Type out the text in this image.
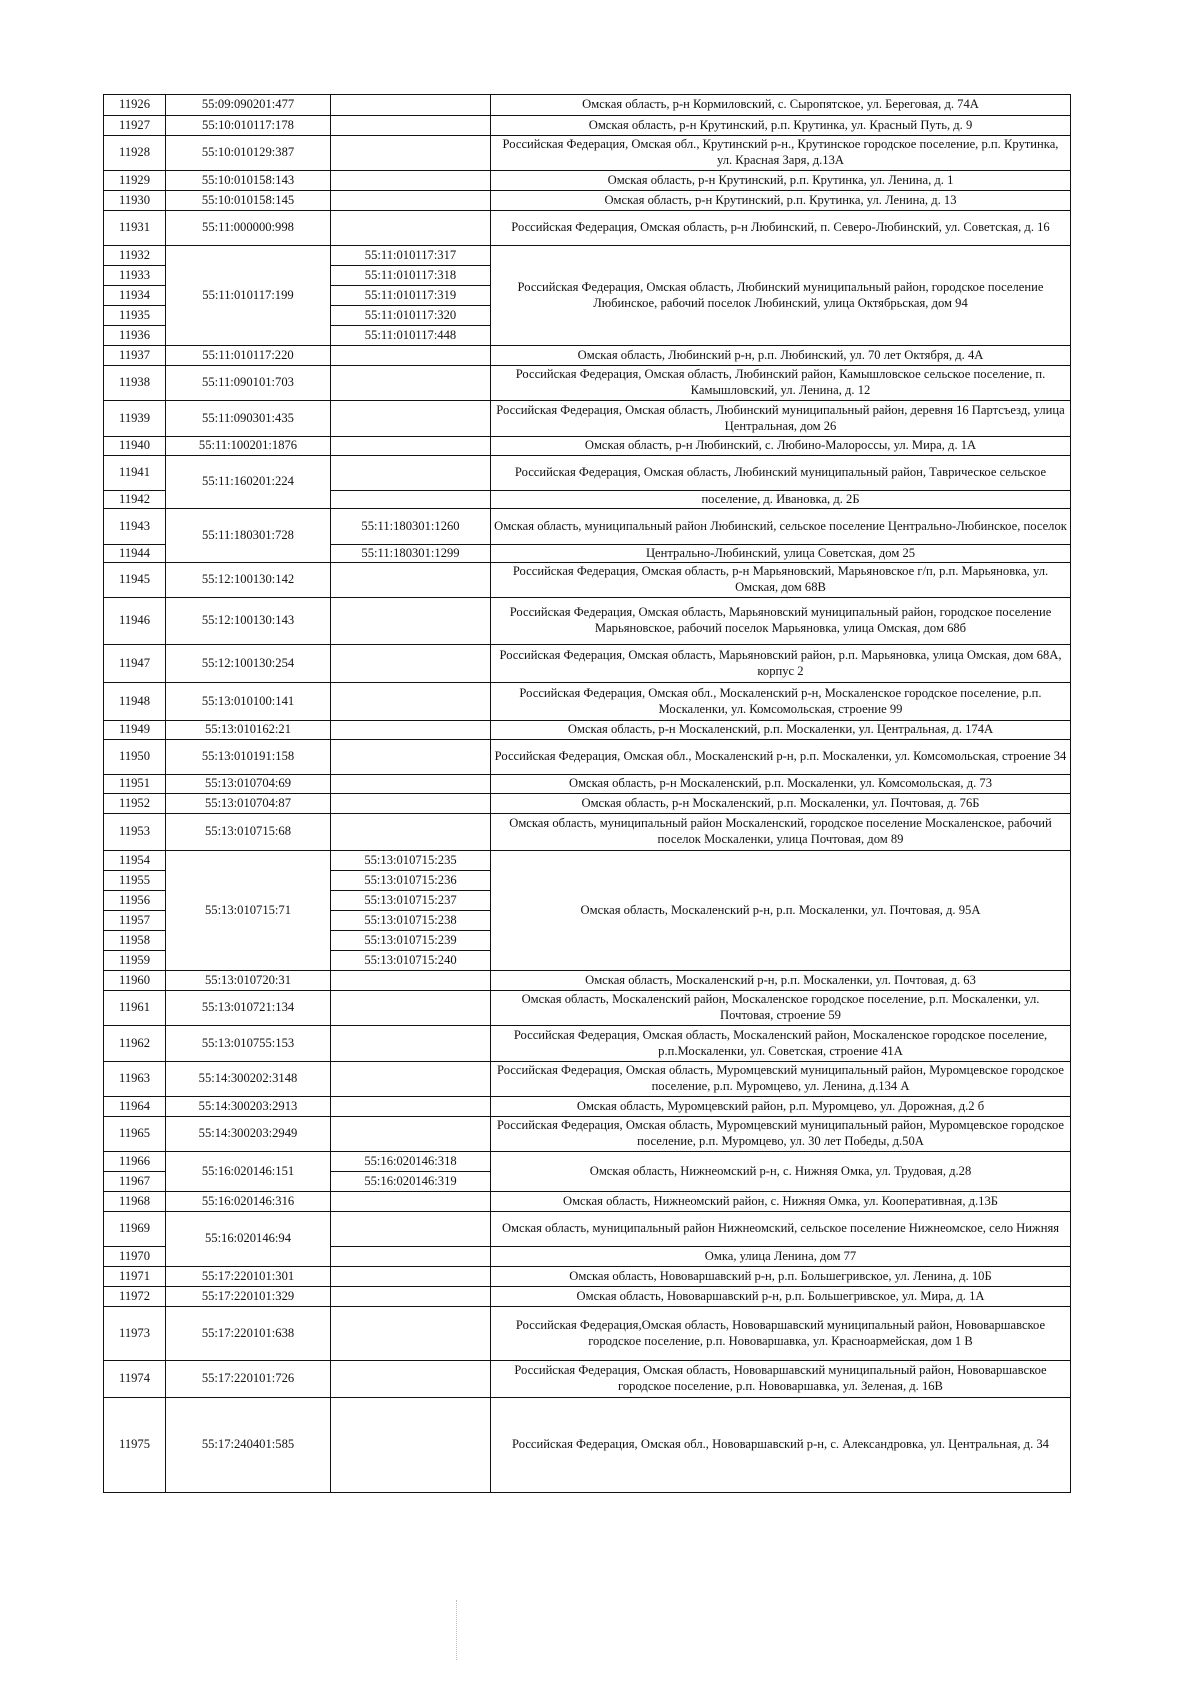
11926	55:09:090201:477		Омская область, р-н Кормиловский, с. Сыропятское, ул. Береговая, д. 74А
11927	55:10:010117:178		Омская область, р-н Крутинский, р.п. Крутинка, ул. Красный Путь, д. 9
11928	55:10:010129:387		Российская Федерация, Омская обл., Крутинский р-н., Крутинское городское поселение, р.п. Крутинка, ул. Красная Заря, д.13А
11929	55:10:010158:143		Омская область, р-н Крутинский, р.п. Крутинка, ул. Ленина, д. 1
11930	55:10:010158:145		Омская область, р-н Крутинский, р.п. Крутинка, ул. Ленина, д. 13
11931	55:11:000000:998		Российская Федерация, Омская область, р-н Любинский, п. Северо-Любинский, ул. Советская, д. 16
11932	55:11:010117:199	55:11:010117:317	Российская Федерация, Омская область, Любинский муниципальный район, городское поселение Любинское, рабочий поселок Любинский, улица Октябрьская, дом 94
11933		55:11:010117:318	
11934		55:11:010117:319	
11935		55:11:010117:320	
11936		55:11:010117:448	
11937	55:11:010117:220		Омская область, Любинский р-н, р.п. Любинский, ул. 70 лет Октября, д. 4А
11938	55:11:090101:703		Российская Федерация, Омская область, Любинский район, Камышловское сельское поселение, п. Камышловский, ул. Ленина, д. 12
11939	55:11:090301:435		Российская Федерация, Омская область, Любинский муниципальный район, деревня 16 Партсъезд, улица Центральная, дом 26
11940	55:11:100201:1876		Омская область, р-н Любинский, с. Любино-Малороссы, ул. Мира, д. 1А
11941	55:11:160201:224		Российская Федерация, Омская область, Любинский муниципальный район, Таврическое сельское
11942			поселение, д. Ивановка, д. 2Б
11943	55:11:180301:728	55:11:180301:1260	Омская область, муниципальный район Любинский, сельское поселение Центрально-Любинское, поселок
11944		55:11:180301:1299	Центрально-Любинский, улица Советская, дом 25
11945	55:12:100130:142		Российская Федерация, Омская область, р-н Марьяновский, Марьяновское г/п, р.п. Марьяновка, ул. Омская, дом 68В
11946	55:12:100130:143		Российская Федерация, Омская область, Марьяновский муниципальный район, городское поселение Марьяновское, рабочий поселок Марьяновка, улица Омская, дом 68б
11947	55:12:100130:254		Российская Федерация, Омская область, Марьяновский район, р.п. Марьяновка, улица Омская, дом 68А, корпус 2
11948	55:13:010100:141		Российская Федерация, Омская обл., Москаленский р-н, Москаленское городское поселение, р.п. Москаленки, ул. Комсомольская, строение 99
11949	55:13:010162:21		Омская область, р-н Москаленский, р.п. Москаленки, ул. Центральная, д. 174А
11950	55:13:010191:158		Российская Федерация, Омская обл., Москаленский р-н, р.п. Москаленки, ул. Комсомольская, строение 34
11951	55:13:010704:69		Омская область, р-н Москаленский, р.п. Москаленки, ул. Комсомольская, д. 73
11952	55:13:010704:87		Омская область, р-н Москаленский, р.п. Москаленки, ул. Почтовая, д. 76Б
11953	55:13:010715:68		Омская область, муниципальный район Москаленский, городское поселение Москаленское, рабочий поселок Москаленки, улица Почтовая, дом 89
11954	55:13:010715:71	55:13:010715:235	Омская область, Москаленский р-н, р.п. Москаленки, ул. Почтовая, д. 95А
11955		55:13:010715:236	
11956		55:13:010715:237	
11957		55:13:010715:238	
11958		55:13:010715:239	
11959		55:13:010715:240	
11960	55:13:010720:31		Омская область, Москаленский р-н, р.п. Москаленки, ул. Почтовая, д. 63
11961	55:13:010721:134		Омская область, Москаленский район, Москаленское городское поселение, р.п. Москаленки, ул. Почтовая, строение 59
11962	55:13:010755:153		Российская Федерация, Омская область, Москаленский район, Москаленское городское поселение, р.п.Москаленки, ул. Советская, строение 41А
11963	55:14:300202:3148		Российская Федерация, Омская область, Муромцевский муниципальный район, Муромцевское городское поселение, р.п. Муромцево, ул. Ленина, д.134 А
11964	55:14:300203:2913		Омская область, Муромцевский район, р.п. Муромцево, ул. Дорожная, д.2 б
11965	55:14:300203:2949		Российская Федерация, Омская область, Муромцевский муниципальный район, Муромцевское городское поселение, р.п. Муромцево, ул. 30 лет Победы, д.50А
11966	55:16:020146:151	55:16:020146:318	Омская область, Нижнеомский р-н, с. Нижняя Омка, ул. Трудовая, д.28
11967		55:16:020146:319	
11968	55:16:020146:316		Омская область, Нижнеомский район, с. Нижняя Омка, ул. Кооперативная, д.13Б
11969	55:16:020146:94		Омская область, муниципальный район Нижнеомский, сельское поселение Нижнеомское, село Нижняя
11970			Омка, улица Ленина, дом 77
11971	55:17:220101:301		Омская область, Нововаршавский р-н, р.п. Большегривское, ул. Ленина, д. 10Б
11972	55:17:220101:329		Омская область, Нововаршавский р-н, р.п. Большегривское, ул. Мира, д. 1А
11973	55:17:220101:638		Российская Федерация,Омская область, Нововаршавский муниципальный район, Нововаршавское городское поселение, р.п. Нововаршавка, ул. Красноармейская, дом 1 В
11974	55:17:220101:726		Российская Федерация, Омская область, Нововаршавский муниципальный район, Нововаршавское городское поселение, р.п. Нововаршавка, ул. Зеленая, д. 16В
11975	55:17:240401:585		Российская Федерация, Омская обл., Нововаршавский р-н, с. Александровка, ул. Центральная, д. 34
